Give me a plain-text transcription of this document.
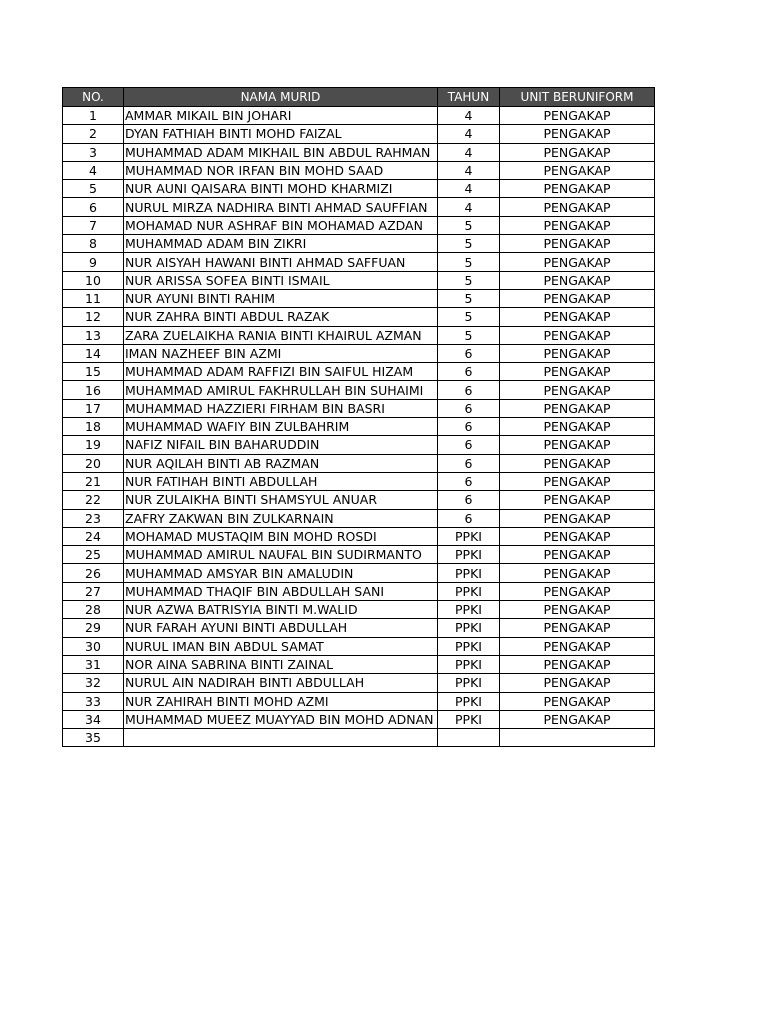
NO.	NAMA MURID	TAHUN	UNIT BERUNIFORM
1	AMMAR MIKAIL BIN JOHARI	4	PENGAKAP
2	DYAN FATHIAH BINTI MOHD FAIZAL	4	PENGAKAP
3	MUHAMMAD ADAM MIKHAIL BIN ABDUL RAHMAN	4	PENGAKAP
4	MUHAMMAD NOR IRFAN BIN MOHD SAAD	4	PENGAKAP
5	NUR AUNI QAISARA BINTI MOHD KHARMIZI	4	PENGAKAP
6	NURUL MIRZA NADHIRA BINTI AHMAD SAUFFIAN	4	PENGAKAP
7	MOHAMAD NUR ASHRAF BIN MOHAMAD AZDAN	5	PENGAKAP
8	MUHAMMAD ADAM BIN ZIKRI	5	PENGAKAP
9	NUR AISYAH HAWANI BINTI AHMAD SAFFUAN	5	PENGAKAP
10	NUR ARISSA SOFEA BINTI ISMAIL	5	PENGAKAP
11	NUR AYUNI BINTI RAHIM	5	PENGAKAP
12	NUR ZAHRA BINTI ABDUL RAZAK	5	PENGAKAP
13	ZARA ZUELAIKHA RANIA BINTI KHAIRUL AZMAN	5	PENGAKAP
14	IMAN NAZHEEF BIN AZMI	6	PENGAKAP
15	MUHAMMAD ADAM RAFFIZI BIN SAIFUL HIZAM	6	PENGAKAP
16	MUHAMMAD AMIRUL FAKHRULLAH BIN SUHAIMI	6	PENGAKAP
17	MUHAMMAD HAZZIERI FIRHAM BIN BASRI	6	PENGAKAP
18	MUHAMMAD WAFIY BIN ZULBAHRIM	6	PENGAKAP
19	NAFIZ NIFAIL BIN BAHARUDDIN	6	PENGAKAP
20	NUR AQILAH BINTI AB RAZMAN	6	PENGAKAP
21	NUR FATIHAH BINTI ABDULLAH	6	PENGAKAP
22	NUR ZULAIKHA BINTI SHAMSYUL ANUAR	6	PENGAKAP
23	ZAFRY ZAKWAN BIN ZULKARNAIN	6	PENGAKAP
24	MOHAMAD MUSTAQIM BIN MOHD ROSDI	PPKI	PENGAKAP
25	MUHAMMAD AMIRUL NAUFAL BIN SUDIRMANTO	PPKI	PENGAKAP
26	MUHAMMAD AMSYAR BIN AMALUDIN	PPKI	PENGAKAP
27	MUHAMMAD THAQIF BIN ABDULLAH SANI	PPKI	PENGAKAP
28	NUR AZWA BATRISYIA BINTI M.WALID	PPKI	PENGAKAP
29	NUR FARAH AYUNI BINTI ABDULLAH	PPKI	PENGAKAP
30	NURUL IMAN BIN ABDUL SAMAT	PPKI	PENGAKAP
31	NOR AINA SABRINA BINTI ZAINAL	PPKI	PENGAKAP
32	NURUL AIN NADIRAH BINTI ABDULLAH	PPKI	PENGAKAP
33	NUR ZAHIRAH BINTI MOHD AZMI	PPKI	PENGAKAP
34	MUHAMMAD MUEEZ MUAYYAD BIN MOHD ADNAN	PPKI	PENGAKAP
35			
